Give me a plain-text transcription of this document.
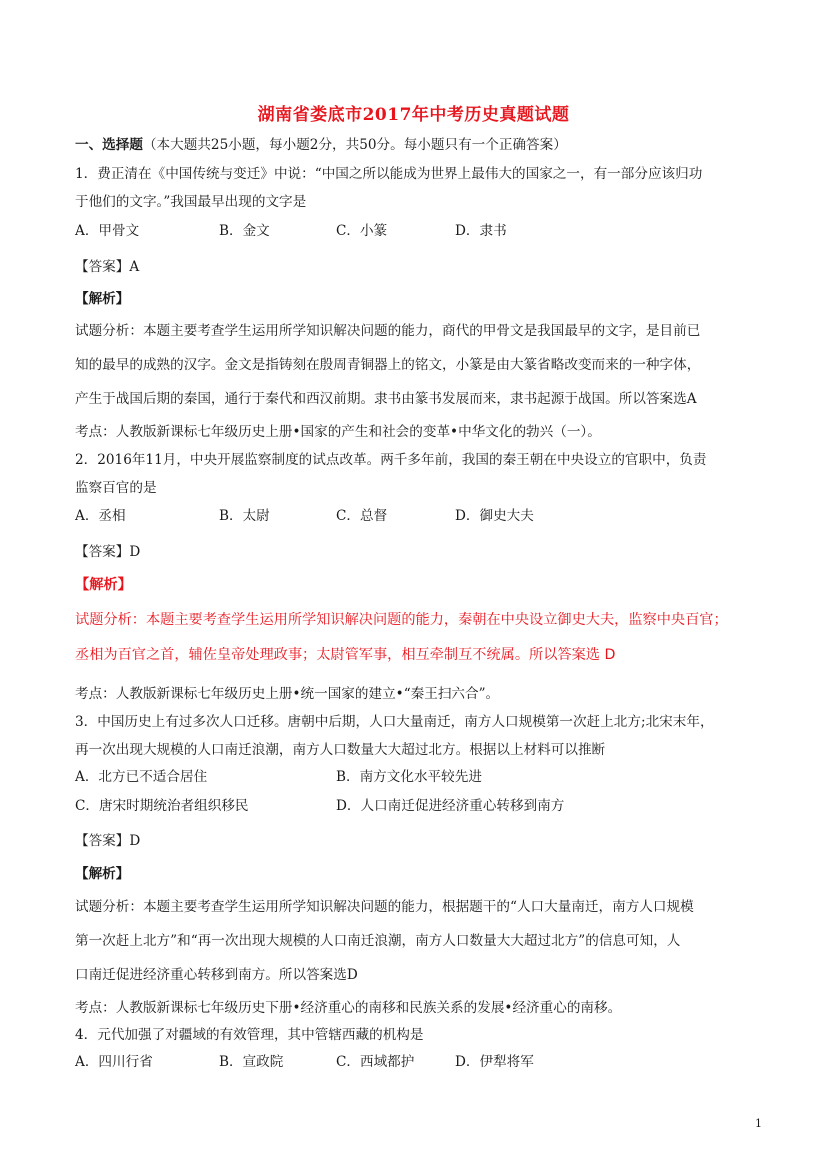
湖南省娄底市2017年中考历史真题试题
一、选择题（本大题共25小题，每小题2分，共50分。每小题只有一个正确答案）
1．费正清在《中国传统与变迁》中说：“中国之所以能成为世界上最伟大的国家之一，有一部分应该归功
于他们的文字。”我国最早出现的文字是
A．甲骨文	B．金文	C．小篆	D．隶书
【答案】A
【解析】
试题分析：本题主要考查学生运用所学知识解决问题的能力，商代的甲骨文是我国最早的文字，是目前已
知的最早的成熟的汉字。金文是指铸刻在殷周青铜器上的铭文，小篆是由大篆省略改变而来的一种字体，
产生于战国后期的秦国，通行于秦代和西汉前期。隶书由篆书发展而来，隶书起源于战国。所以答案选A
考点：人教版新课标七年级历史上册•国家的产生和社会的变革•中华文化的勃兴（一）。
2．2016年11月，中央开展监察制度的试点改革。两千多年前，我国的秦王朝在中央设立的官职中，负责
监察百官的是
A．丞相	B．太尉	C．总督	D．御史大夫
【答案】D
【解析】
试题分析：本题主要考查学生运用所学知识解决问题的能力，秦朝在中央设立御史大夫，监察中央百官；
丞相为百官之首，辅佐皇帝处理政事；太尉管军事，相互牵制互不统属。所以答案选 D
考点：人教版新课标七年级历史上册•统一国家的建立•“秦王扫六合”。
3．中国历史上有过多次人口迁移。唐朝中后期，人口大量南迁，南方人口规模第一次赶上北方;北宋末年，
再一次出现大规模的人口南迁浪潮，南方人口数量大大超过北方。根据以上材料可以推断
A．北方已不适合居住	B．南方文化水平较先进
C．唐宋时期统治者组织移民	D．人口南迁促进经济重心转移到南方
【答案】D
【解析】
试题分析：本题主要考查学生运用所学知识解决问题的能力，根据题干的“人口大量南迁，南方人口规模
第一次赶上北方”和“再一次出现大规模的人口南迁浪潮，南方人口数量大大超过北方”的信息可知，人
口南迁促进经济重心转移到南方。所以答案选D
考点：人教版新课标七年级历史下册•经济重心的南移和民族关系的发展•经济重心的南移。
4．元代加强了对疆域的有效管理，其中管辖西藏的机构是
A．四川行省	B．宣政院	C．西域都护	D．伊犁将军
1
